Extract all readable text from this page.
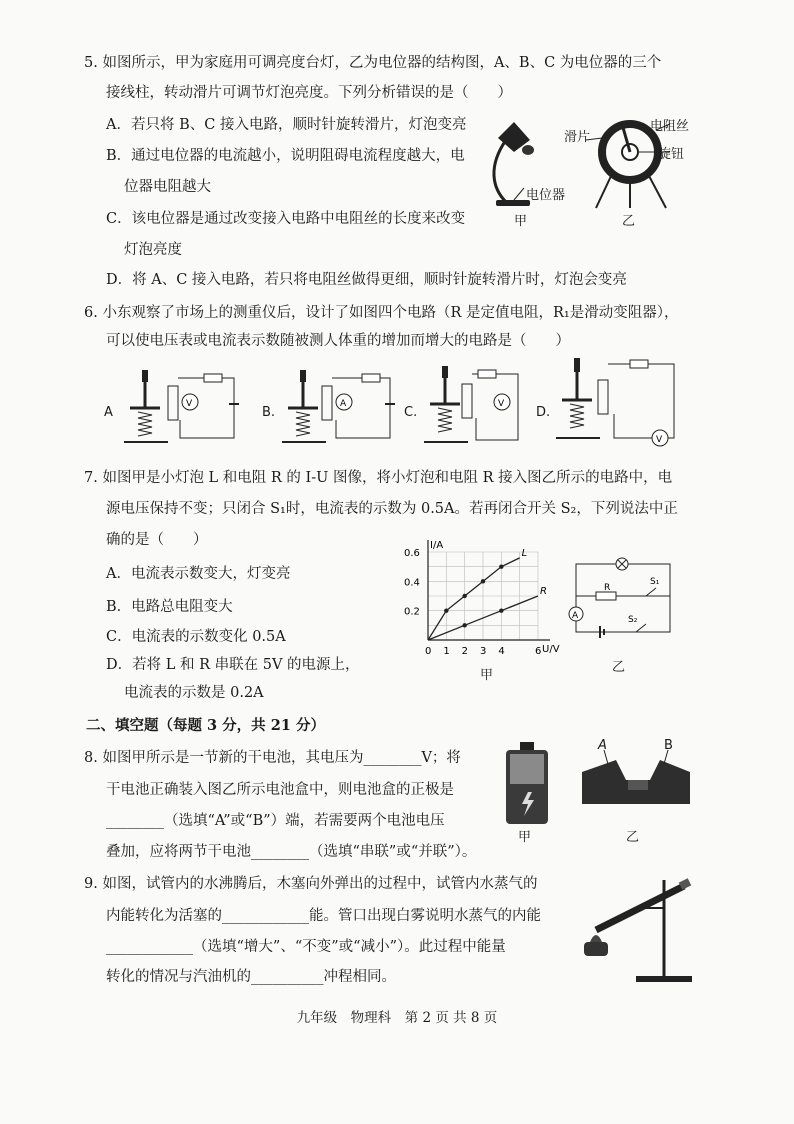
5. 如图所示，甲为家庭用可调亮度台灯，乙为电位器的结构图，A、B、C 为电位器的三个
接线柱，转动滑片可调节灯泡亮度。下列分析错误的是（　　）
A．若只将 B、C 接入电路，顺时针旋转滑片，灯泡变亮
B．通过电位器的电流越小，说明阻碍电流程度越大，电
位器电阻越大
C．该电位器是通过改变接入电路中电阻丝的长度来改变
灯泡亮度
D．将 A、C 接入电路，若只将电阻丝做得更细，顺时针旋转滑片时，灯泡会变亮
电位器
甲
滑片
电阻丝
旋钮
乙
6. 小东观察了市场上的测重仪后，设计了如图四个电路（R 是定值电阻，R₁是滑动变阻器），
可以使电压表或电流表示数随被测人体重的增加而增大的电路是（　　）
A
V
B.
A
C.
V
D.
V
7. 如图甲是小灯泡 L 和电阻 R 的 I-U 图像，将小灯泡和电阻 R 接入图乙所示的电路中，电
源电压保持不变；只闭合 S₁时，电流表的示数为 0.5A。若再闭合开关 S₂，下列说法中正
确的是（　　）
A．电流表示数变大，灯变亮
B．电路总电阻变大
C．电流表的示数变化 0.5A
D．若将 L 和 R 串联在 5V 的电源上，
电流表的示数是 0.2A
I/A
U/V
0.2
0.4
0.6
0 1 2 3 4	6
L
R
甲
A
R
S₁
S₂
乙
二、填空题（每题 3 分，共 21 分）
8. 如图甲所示是一节新的干电池，其电压为________V；将
干电池正确装入图乙所示电池盒中，则电池盒的正极是
________（选填“A”或“B”）端，若需要两个电池电压
叠加，应将两节干电池________（选填“串联”或“并联”）。
甲
A	B
乙
9. 如图，试管内的水沸腾后，木塞向外弹出的过程中，试管内水蒸气的
内能转化为活塞的____________能。管口出现白雾说明水蒸气的内能
____________（选填“增大”、“不变”或“减小”）。此过程中能量
转化的情况与汽油机的__________冲程相同。
九年级　物理科　第 2 页 共 8 页
